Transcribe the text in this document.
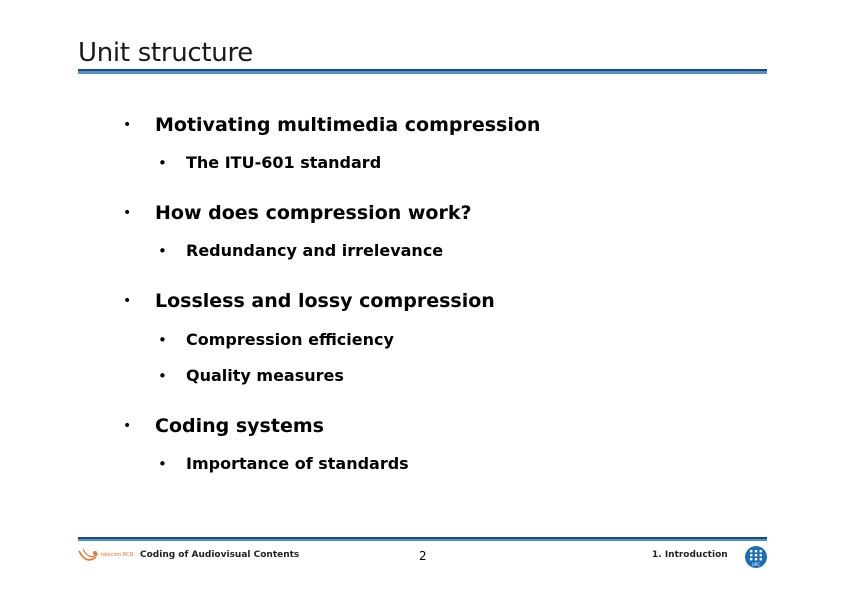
Unit structure
• Motivating multimedia compression
• The ITU-601 standard
• How does compression work?
• Redundancy and irrelevance
• Lossless and lossy compression
• Compression efficiency
• Quality measures
• Coding systems
• Importance of standards
telecom BCN Coding of Audiovisual Contents	2	1. Introduction
UPC
